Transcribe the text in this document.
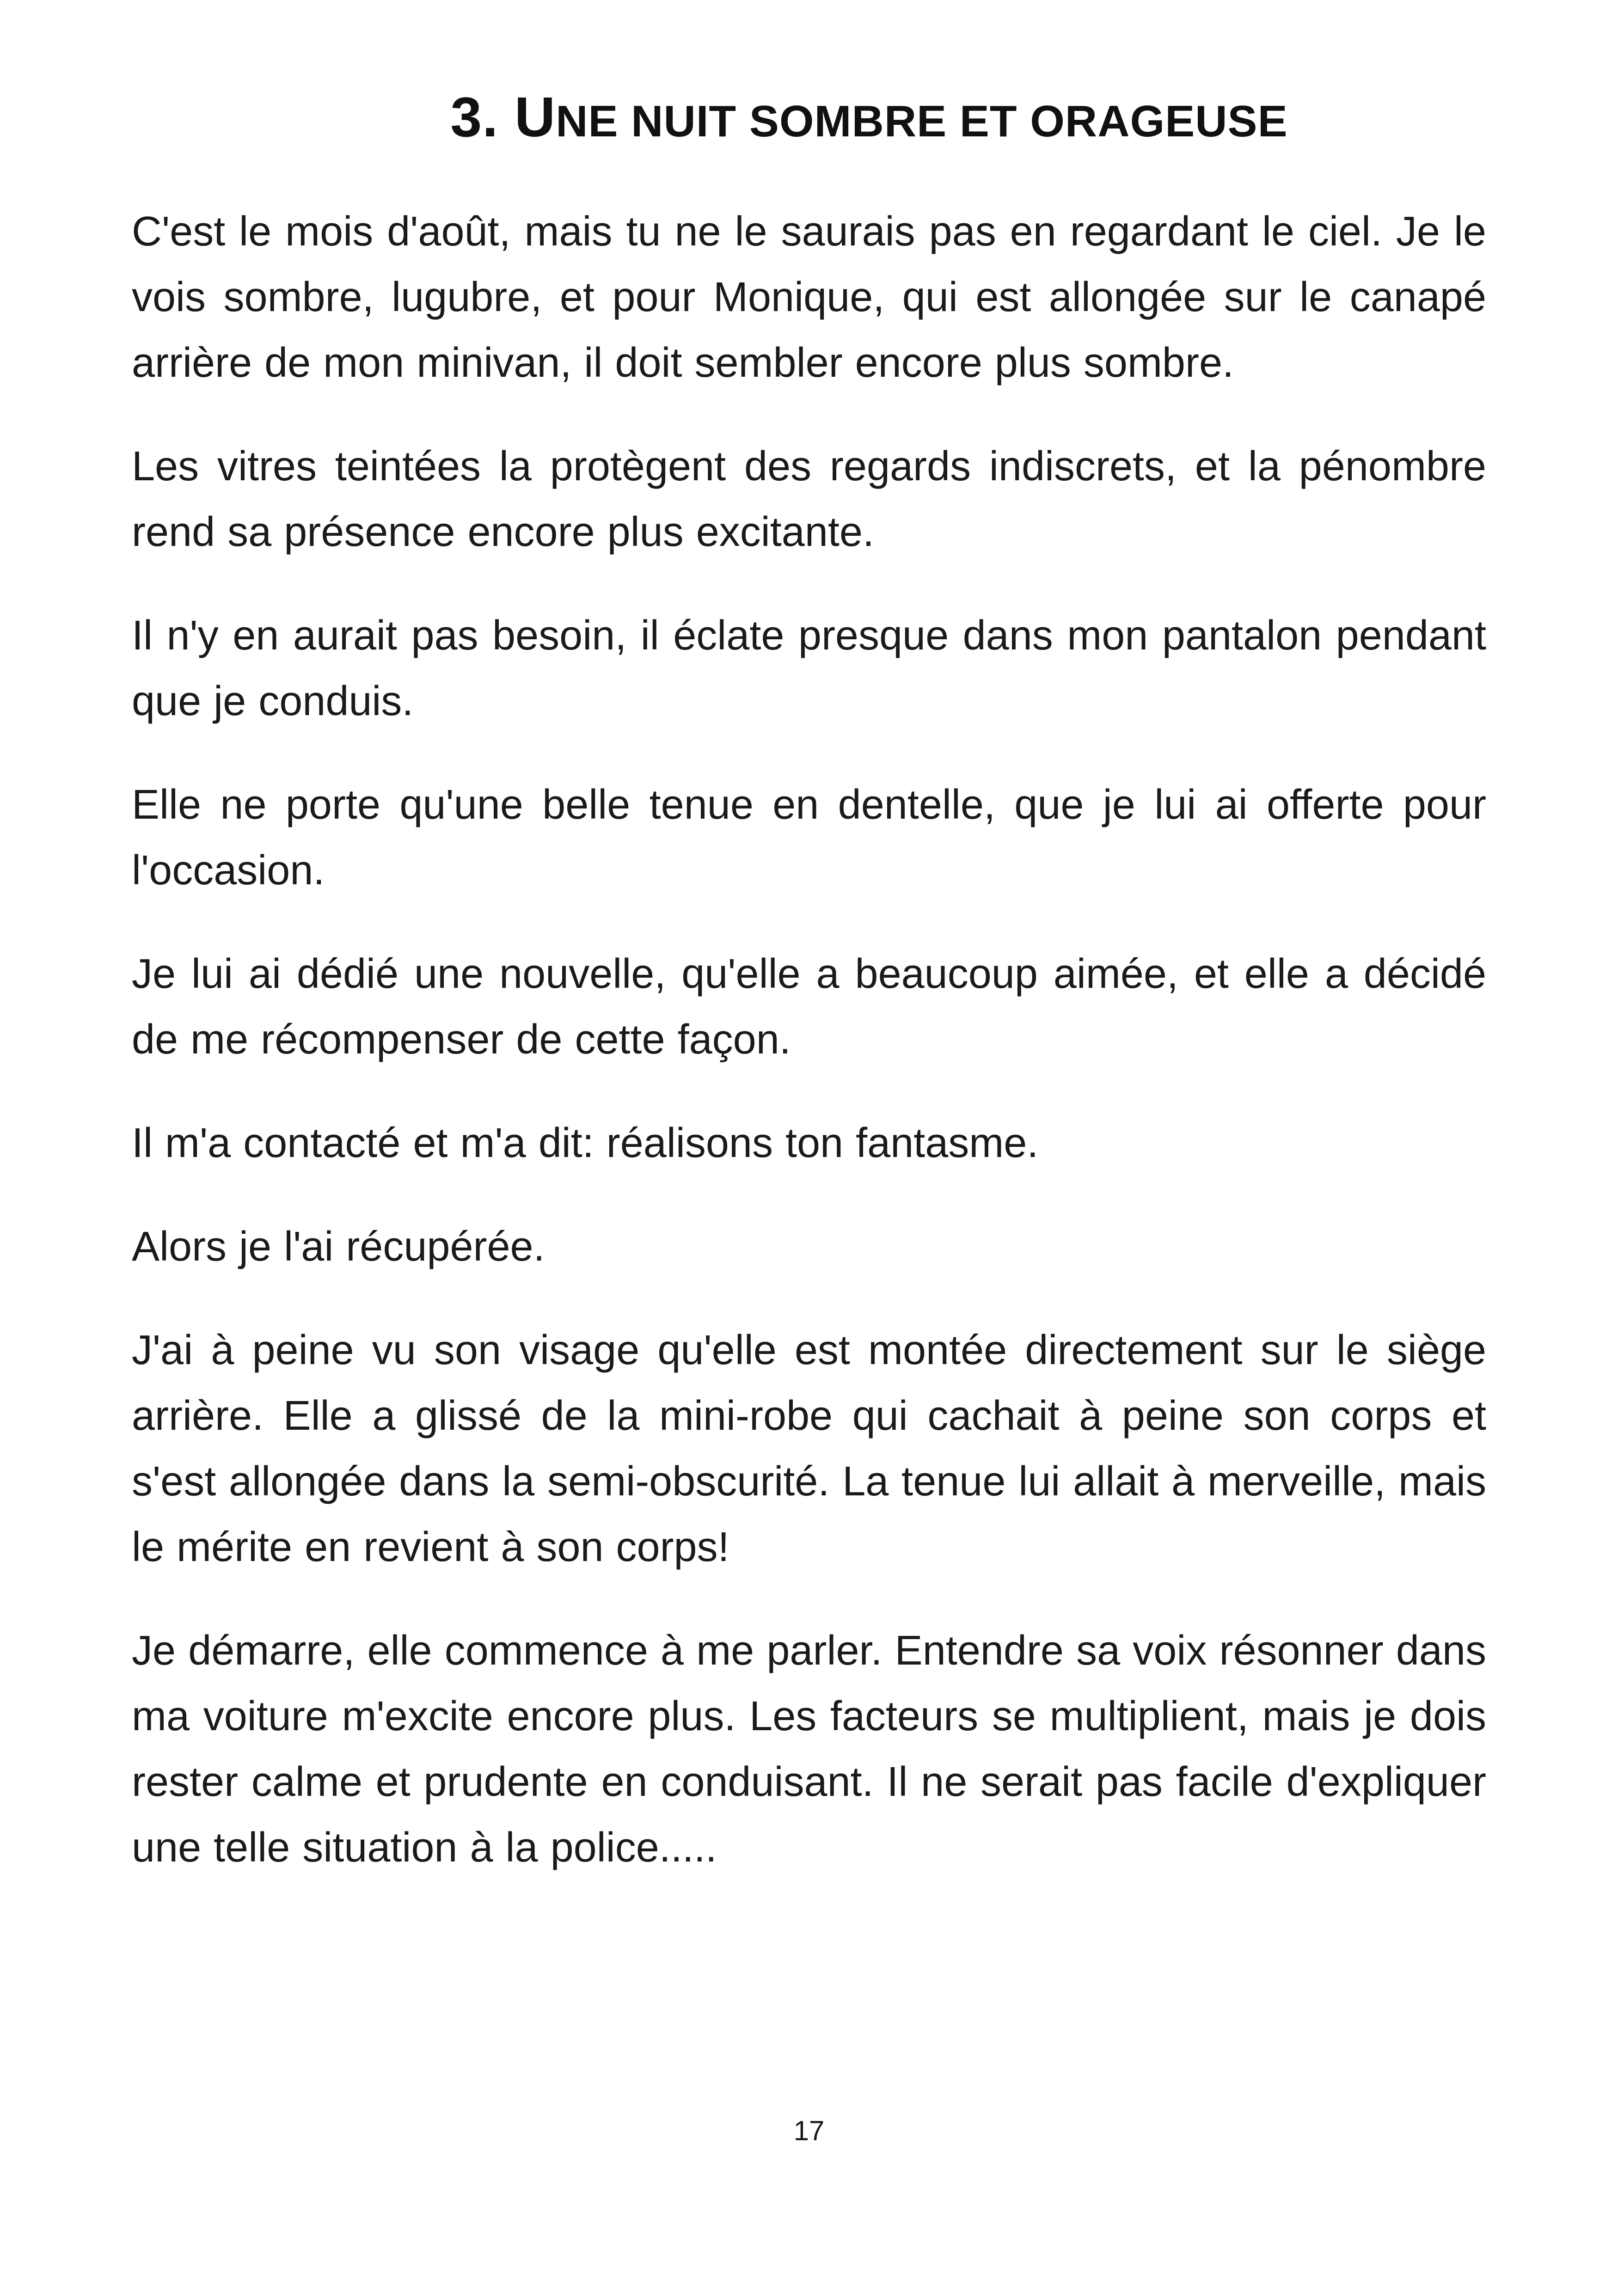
3. UNE NUIT SOMBRE ET ORAGEUSE

C'est le mois d'août, mais tu ne le saurais pas en regardant le ciel. Je le vois sombre, lugubre, et pour Monique, qui est allongée sur le canapé arrière de mon minivan, il doit sembler encore plus sombre.

Les vitres teintées la protègent des regards indiscrets, et la pénombre rend sa présence encore plus excitante.

Il n'y en aurait pas besoin, il éclate presque dans mon pantalon pendant que je conduis.

Elle ne porte qu'une belle tenue en dentelle, que je lui ai offerte pour l'occasion.

Je lui ai dédié une nouvelle, qu'elle a beaucoup aimée, et elle a décidé de me récompenser de cette façon.

Il m'a contacté et m'a dit: réalisons ton fantasme.

Alors je l'ai récupérée.

J'ai à peine vu son visage qu'elle est montée directement sur le siège arrière. Elle a glissé de la mini-robe qui cachait à peine son corps et s'est allongée dans la semi-obscurité. La tenue lui allait à merveille, mais le mérite en revient à son corps!

Je démarre, elle commence à me parler. Entendre sa voix résonner dans ma voiture m'excite encore plus. Les facteurs se multiplient, mais je dois rester calme et prudente en conduisant. Il ne serait pas facile d'expliquer une telle situation à la police.....

17
